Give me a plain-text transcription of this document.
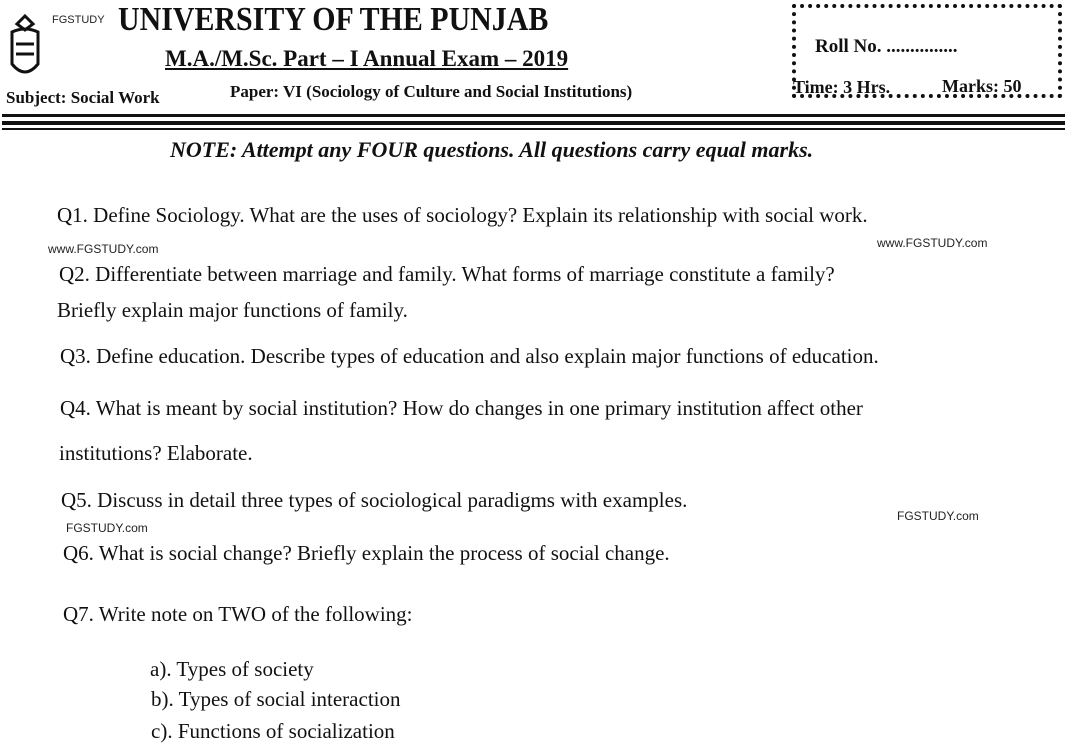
FGSTUDY UNIVERSITY OF THE PUNJAB
M.A./M.Sc. Part – I Annual Exam – 2019
Subject: Social Work	Paper: VI (Sociology of Culture and Social Institutions)
Roll No. ...............
Time: 3 Hrs.	Marks: 50
NOTE: Attempt any FOUR questions. All questions carry equal marks.
Q1. Define Sociology. What are the uses of sociology? Explain its relationship with social work.
www.FGSTUDY.com	www.FGSTUDY.com
Q2. Differentiate between marriage and family. What forms of marriage constitute a family?
Briefly explain major functions of family.
Q3. Define education. Describe types of education and also explain major functions of education.
Q4. What is meant by social institution? How do changes in one primary institution affect other
institutions? Elaborate.
Q5. Discuss in detail three types of sociological paradigms with examples.
FGSTUDY.com
FGSTUDY.com
Q6. What is social change? Briefly explain the process of social change.
Q7. Write note on TWO of the following:
a). Types of society
b). Types of social interaction
c). Functions of socialization
